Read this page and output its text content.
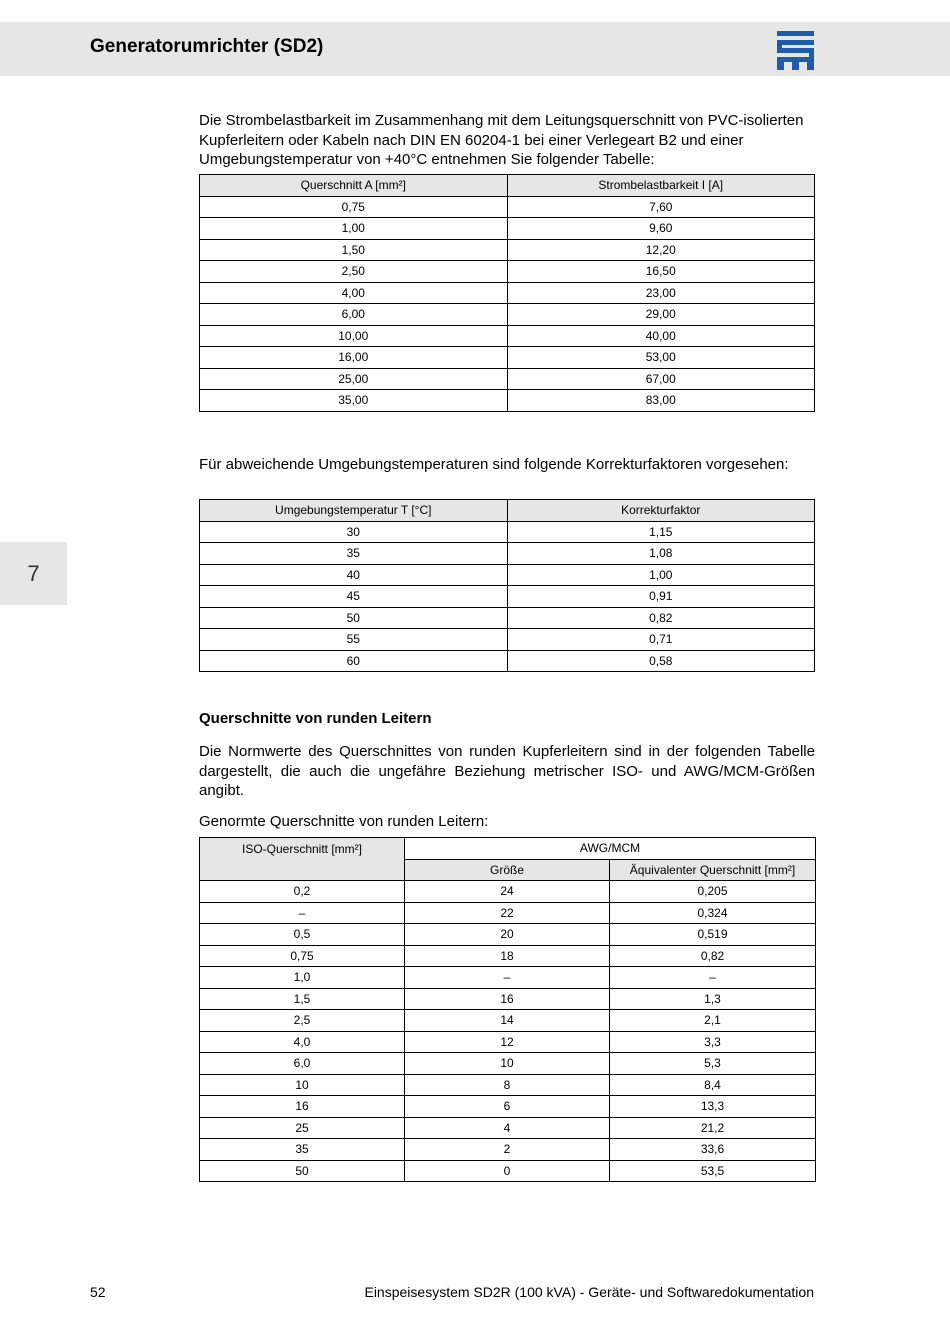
Generatorumrichter (SD2)
7

Die Strombelastbarkeit im Zusammenhang mit dem Leitungsquerschnitt von PVC-isolierten Kupferleitern oder Kabeln nach DIN EN 60204-1 bei einer Verlegeart B2 und einer Umgebungstemperatur von +40°C entnehmen Sie folgender Tabelle:

Querschnitt A [mm²]	Strombelastbarkeit I [A]
0,75	7,60
1,00	9,60
1,50	12,20
2,50	16,50
4,00	23,00
6,00	29,00
10,00	40,00
16,00	53,00
25,00	67,00
35,00	83,00

Für abweichende Umgebungstemperaturen sind folgende Korrekturfaktoren vorgesehen:

Umgebungstemperatur T [°C]	Korrekturfaktor
30	1,15
35	1,08
40	1,00
45	0,91
50	0,82
55	0,71
60	0,58

Querschnitte von runden Leitern

Die Normwerte des Querschnittes von runden Kupferleitern sind in der folgenden Tabelle dargestellt, die auch die ungefähre Beziehung metrischer ISO- und AWG/MCM-Größen angibt.

Genormte Querschnitte von runden Leitern:

ISO-Querschnitt [mm²]	AWG/MCM	
	Größe	Äquivalenter Querschnitt [mm²]
0,2	24	0,205
–	22	0,324
0,5	20	0,519
0,75	18	0,82
1,0	–	–
1,5	16	1,3
2,5	14	2,1
4,0	12	3,3
6,0	10	5,3
10	8	8,4
16	6	13,3
25	4	21,2
35	2	33,6
50	0	53,5
52	Einspeisesystem SD2R (100 kVA) - Geräte- und Softwaredokumentation
